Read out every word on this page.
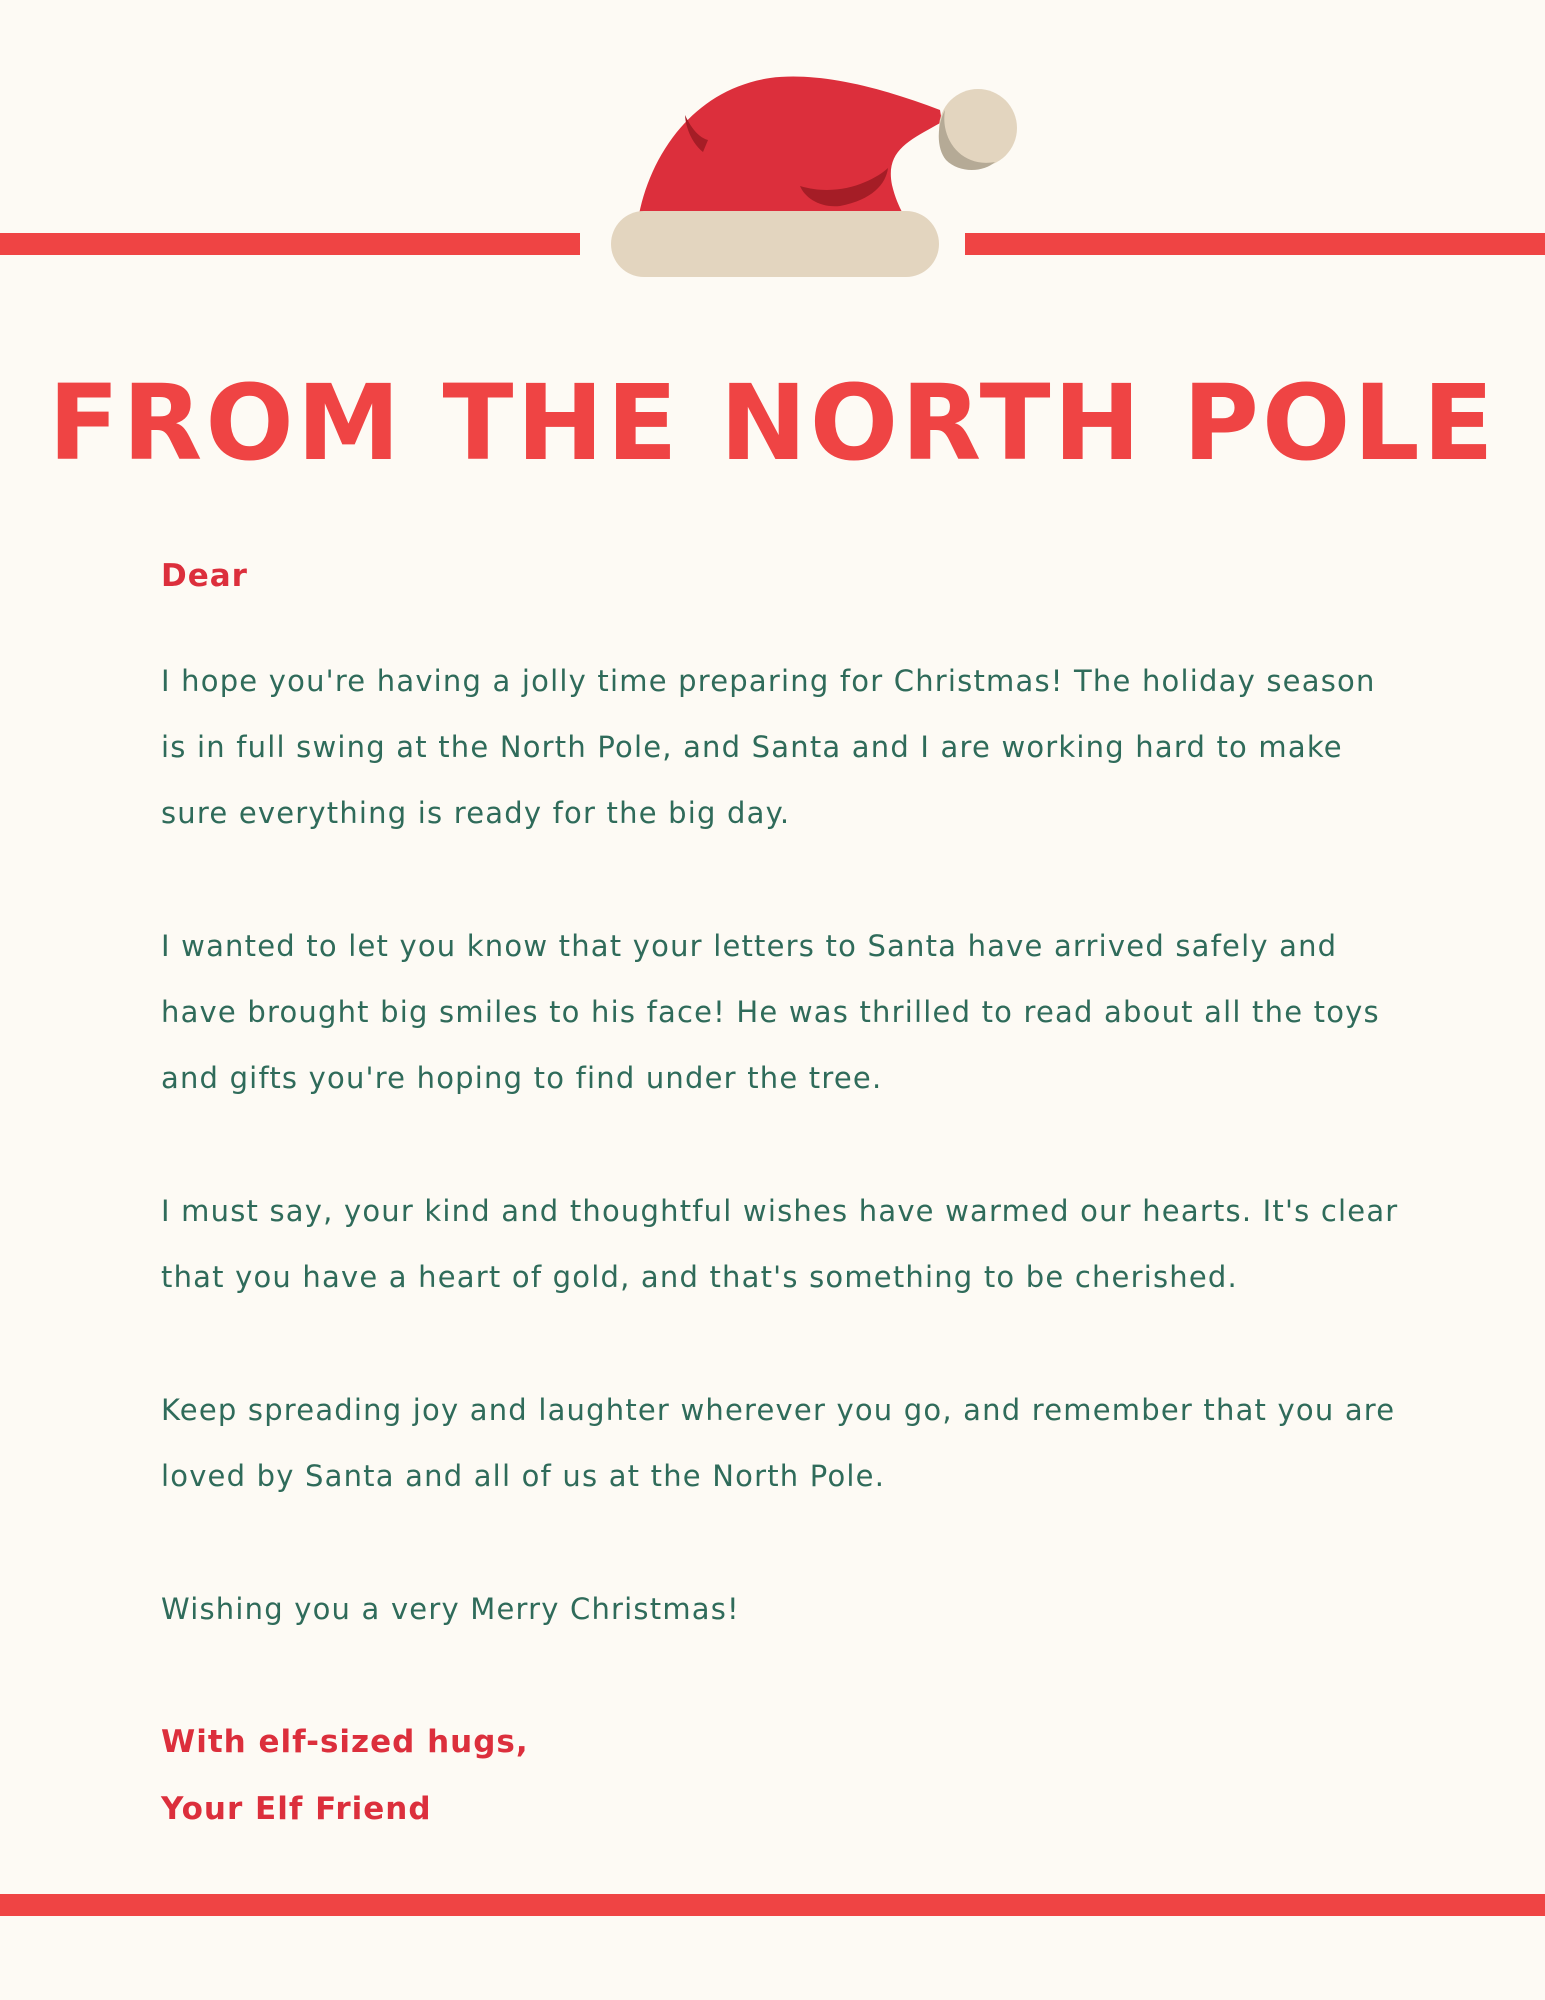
FROM THE NORTH POLE
Dear
I hope you're having a jolly time preparing for Christmas! The holiday season
is in full swing at the North Pole, and Santa and I are working hard to make
sure everything is ready for the big day.
I wanted to let you know that your letters to Santa have arrived safely and
have brought big smiles to his face! He was thrilled to read about all the toys
and gifts you're hoping to find under the tree.
I must say, your kind and thoughtful wishes have warmed our hearts. It's clear
that you have a heart of gold, and that's something to be cherished.
Keep spreading joy and laughter wherever you go, and remember that you are
loved by Santa and all of us at the North Pole.
Wishing you a very Merry Christmas!
With elf-sized hugs,
Your Elf Friend
